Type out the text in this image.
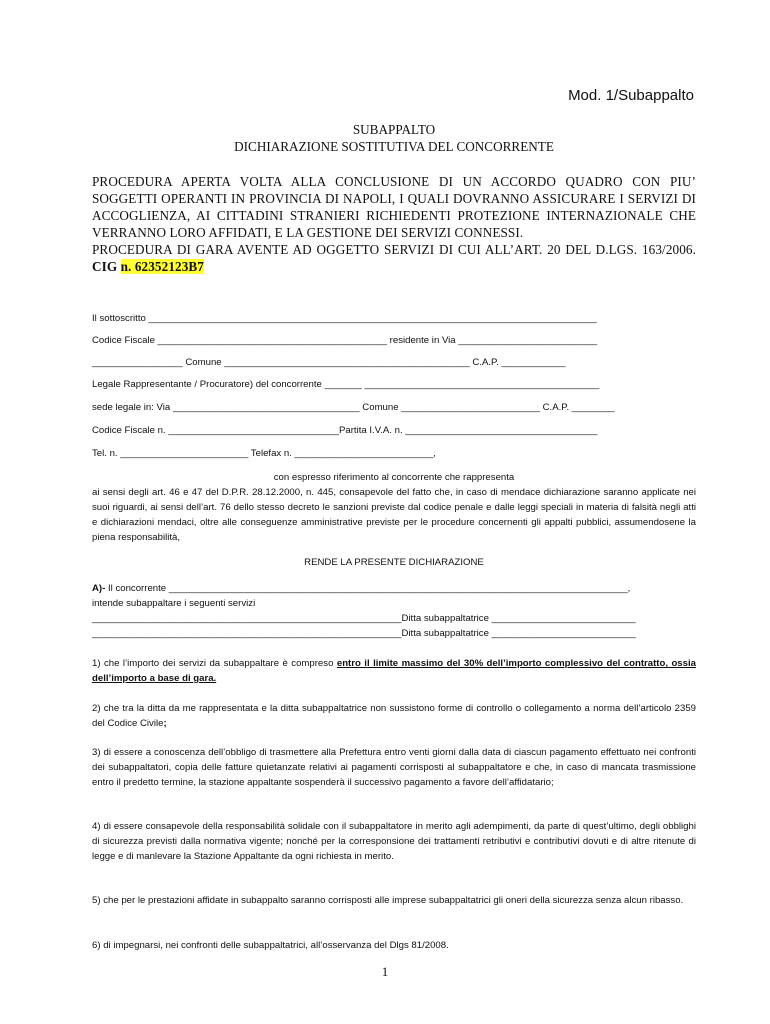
Mod. 1/Subappalto
SUBAPPALTO
DICHIARAZIONE SOSTITUTIVA DEL CONCORRENTE

PROCEDURA APERTA VOLTA ALLA CONCLUSIONE DI UN ACCORDO QUADRO CON PIU’ SOGGETTI OPERANTI IN PROVINCIA DI NAPOLI, I QUALI DOVRANNO ASSICURARE I SERVIZI DI ACCOGLIENZA, AI CITTADINI STRANIERI RICHIEDENTI PROTEZIONE INTERNAZIONALE CHE VERRANNO LORO AFFIDATI, E LA GESTIONE DEI SERVIZI CONNESSI.

PROCEDURA DI GARA AVENTE AD OGGETTO SERVIZI DI CUI ALL’ART. 20 DEL D.LGS. 163/2006. CIG n. 62352123B7

Il sottoscritto ____________________________________________________________________________________
Codice Fiscale ___________________________________________ residente in Via __________________________
_________________ Comune ______________________________________________ C.A.P. ____________
Legale Rappresentante / Procuratore) del concorrente _______ ____________________________________________
sede legale in: Via ___________________________________ Comune __________________________ C.A.P. ________
Codice Fiscale n. ________________________________Partita I.V.A. n. ____________________________________
Tel. n. ________________________ Telefax n. __________________________,

con espresso riferimento al concorrente che rappresenta

ai sensi degli art. 46 e 47 del D.P.R. 28.12.2000, n. 445, consapevole del fatto che, in caso di mendace dichiarazione saranno applicate nei suoi riguardi, ai sensi dell’art. 76 dello stesso decreto le sanzioni previste dal codice penale e dalle leggi speciali in materia di falsità negli atti e dichiarazioni mendaci, oltre alle conseguenze amministrative previste per le procedure concernenti gli appalti pubblici, assumendosene la piena responsabilità,

RENDE LA PRESENTE DICHIARAZIONE

A)- Il concorrente ______________________________________________________________________________________,

intende subappaltare i seguenti servizi

__________________________________________________________Ditta subappaltatrice ___________________________

__________________________________________________________Ditta subappaltatrice ___________________________

1) che l’importo dei servizi da subappaltare è compreso entro il limite massimo del 30% dell’importo complessivo del contratto, ossia dell’importo a base di gara.

2) che tra la ditta da me rappresentata e la ditta subappaltatrice non sussistono forme di controllo o collegamento a norma dell’articolo 2359 del Codice Civile;

3) di essere a conoscenza dell’obbligo di trasmettere alla Prefettura entro venti giorni dalla data di ciascun pagamento effettuato nei confronti dei subappaltatori, copia delle fatture quietanzate relativi ai pagamenti corrisposti al subappaltatore e che, in caso di mancata trasmissione entro il predetto termine, la stazione appaltante sospenderà il successivo pagamento a favore dell’affidatario;
4) di essere consapevole della responsabilità solidale con il subappaltatore in merito agli adempimenti, da parte di quest’ultimo, degli obblighi di sicurezza previsti dalla normativa vigente; nonché per la corresponsione dei trattamenti retributivi e contributivi dovuti e di altre ritenute di legge e di manlevare la Stazione Appaltante da ogni richiesta in merito.
5) che per le prestazioni affidate in subappalto saranno corrisposti alle imprese subappaltatrici gli oneri della sicurezza senza alcun ribasso.
6) di impegnarsi, nei confronti delle subappaltatrici, all’osservanza del Dlgs 81/2008.
1
